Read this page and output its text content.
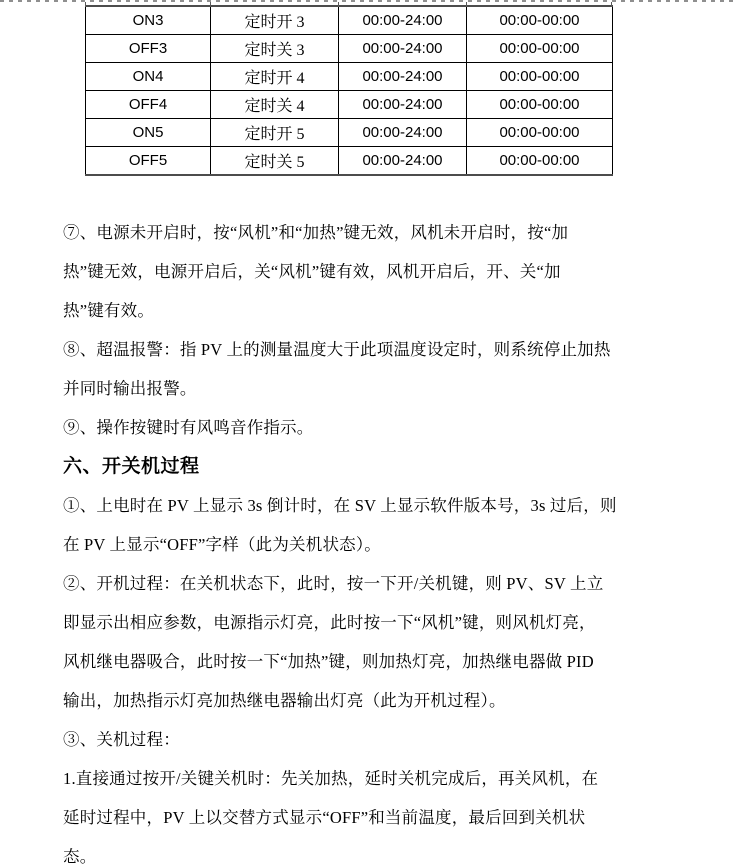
ON3	定时开 3	00:00-24:00	00:00-00:00
OFF3	定时关 3	00:00-24:00	00:00-00:00
ON4	定时开 4	00:00-24:00	00:00-00:00
OFF4	定时关 4	00:00-24:00	00:00-00:00
ON5	定时开 5	00:00-24:00	00:00-00:00
OFF5	定时关 5	00:00-24:00	00:00-00:00
⑦、电源未开启时，按“风机”和“加热”键无效，风机未开启时，按“加
热”键无效，电源开启后，关“风机”键有效，风机开启后，开、关“加
热”键有效。
⑧、超温报警：指 PV 上的测量温度大于此项温度设定时，则系统停止加热
并同时输出报警。
⑨、操作按键时有风鸣音作指示。
六、开关机过程
①、上电时在 PV 上显示 3s 倒计时，在 SV 上显示软件版本号，3s 过后，则
在 PV 上显示“OFF”字样（此为关机状态）。
②、开机过程：在关机状态下，此时，按一下开/关机键，则 PV、SV 上立
即显示出相应参数，电源指示灯亮，此时按一下“风机”键，则风机灯亮，
风机继电器吸合，此时按一下“加热”键，则加热灯亮，加热继电器做 PID
输出，加热指示灯亮加热继电器输出灯亮（此为开机过程）。
③、关机过程：
1.直接通过按开/关键关机时：先关加热，延时关机完成后，再关风机，在
延时过程中，PV 上以交替方式显示“OFF”和当前温度，最后回到关机状
态。
